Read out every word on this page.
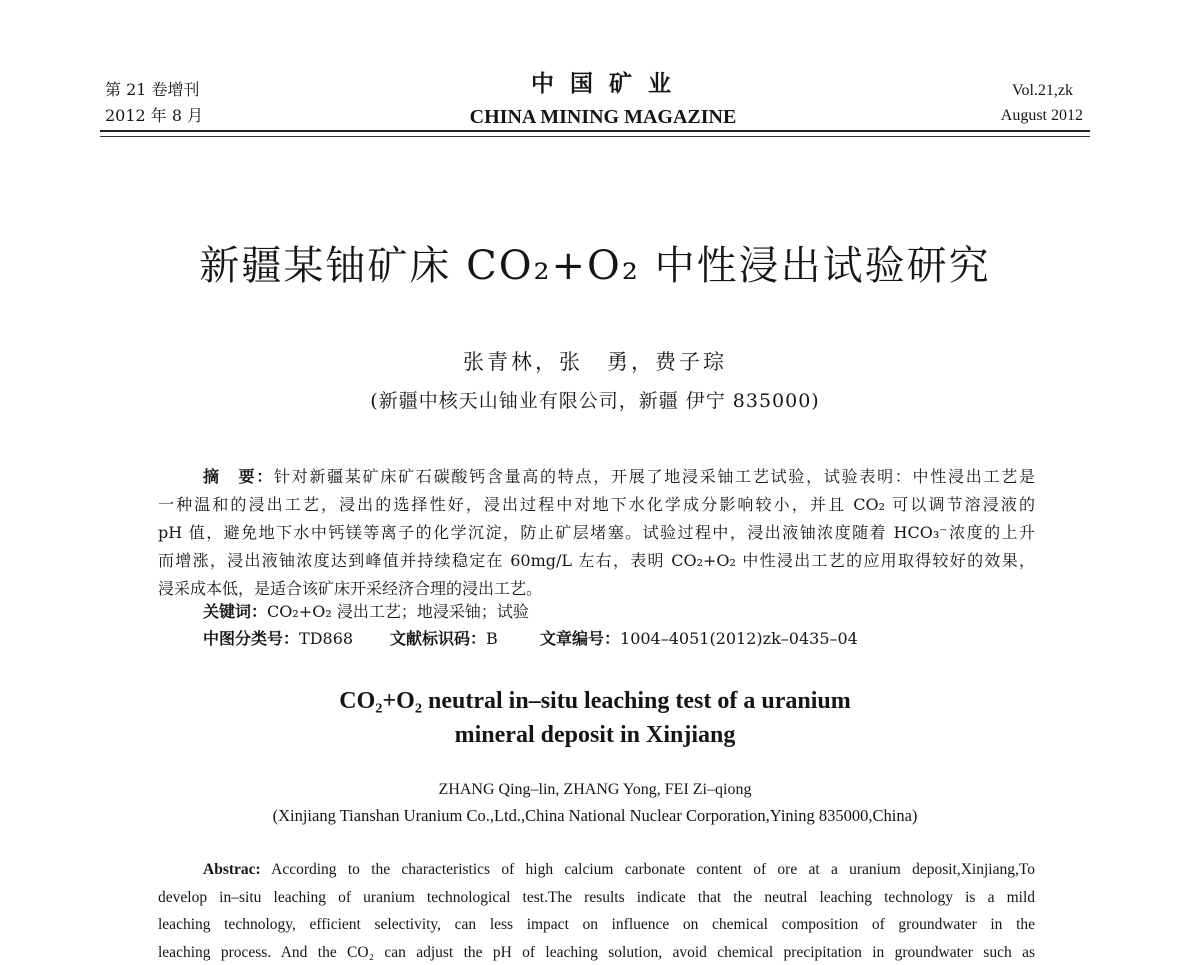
第 21 卷增刊
2012 年 8 月
中 国 矿 业
CHINA MINING MAGAZINE
Vol.21,zk
August 2012
新疆某铀矿床 CO₂+O₂ 中性浸出试验研究
张青林，张　勇，费子琮
(新疆中核天山铀业有限公司，新疆 伊宁 835000)
摘　要：针对新疆某矿床矿石碳酸钙含量高的特点，开展了地浸采铀工艺试验，试验表明：中性浸出工艺是
一种温和的浸出工艺，浸出的选择性好，浸出过程中对地下水化学成分影响较小，并且 CO₂ 可以调节溶浸液的
pH 值，避免地下水中钙镁等离子的化学沉淀，防止矿层堵塞。试验过程中，浸出液铀浓度随着 HCO₃⁻浓度的上升
而增涨，浸出液铀浓度达到峰值并持续稳定在 60mg/L 左右，表明 CO₂+O₂ 中性浸出工艺的应用取得较好的效果，
浸采成本低，是适合该矿床开采经济合理的浸出工艺。
关键词：CO₂+O₂ 浸出工艺；地浸采铀；试验
中图分类号：TD868 文献标识码：B	文章编号：1004–4051(2012)zk–0435–04
CO₂+O₂ neutral in–situ leaching test of a uranium
mineral deposit in Xinjiang
ZHANG Qing–lin, ZHANG Yong, FEI Zi–qiong
(Xinjiang Tianshan Uranium Co.,Ltd.,China National Nuclear Corporation,Yining 835000,China)
Abstrac: According to the characteristics of high calcium carbonate content of ore at a uranium deposit,Xinjiang,To
develop in–situ leaching of uranium technological test.The results indicate that the neutral leaching technology is a mild
leaching technology, efficient selectivity, can less impact on influence on chemical composition of groundwater in the
leaching process. And the CO₂ can adjust the pH of leaching solution, avoid chemical precipitation in groundwater such as
